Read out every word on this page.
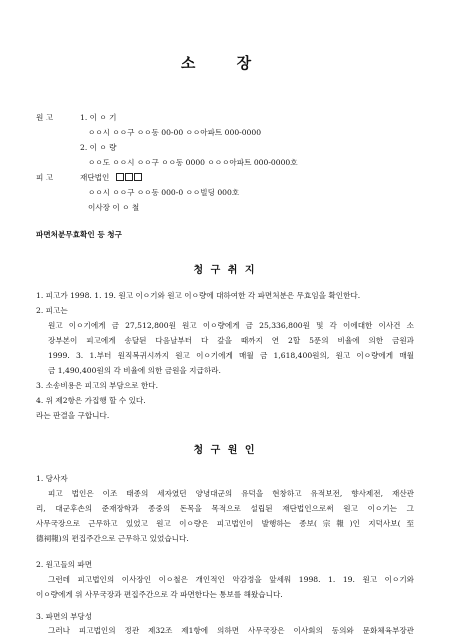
소 장
원 고	1. 이 ㅇ 기
ㅇㅇ시 ㅇㅇ구 ㅇㅇ동 00-00 ㅇㅇ아파트 000-0000
2. 이 ㅇ 량
ㅇㅇ도 ㅇㅇ시 ㅇㅇ구 ㅇㅇ동 0000 ㅇㅇㅇ아파트 000-0000호
피 고	재단법인
ㅇㅇ시 ㅇㅇ구 ㅇㅇ동 000-0 ㅇㅇ빌딩 000호
이사장 이 ㅇ 철
파면처분무효확인 등 청구
청 구 취 지
1. 피고가 1998. 1. 19. 원고 이ㅇ기와 원고 이ㅇ량에 대하여한 각 파면처분은 무효임을 확인한다.
2. 피고는
원고 이ㅇ기에게 금 27,512,800원 원고 이ㅇ량에게 금 25,336,800원 및 각 이에대한 이사건 소
장부본이 피고에게 송달된 다음날부터 다 갚을 때까지 연 2할 5푼의 비율에 의한 금원과
1999. 3. 1.부터 원직복귀시까지 원고 이ㅇ기에게 매월 금 1,618,400원의, 원고 이ㅇ량에게 매월
금 1,490,400원의 각 비율에 의한 금원을 지급하라.
3. 소송비용은 피고의 부담으로 한다.
4. 위 제2항은 가집행 할 수 있다.
라는 판결을 구합니다.
청 구 원 인
1. 당사자
피고 법인은 이조 태종의 세자였던 양녕대군의 유덕을 현창하고 유적보전, 향사제전, 재산관
리, 대군후손의 준재장학과 종중의 돈목을 목적으로 설립된 재단법인으로써 원고 이ㅇ기는 그
사무국장으로 근무하고 있었고 원고 이ㅇ량은 피고법인이 발행하는 종보(宗報)인 지덕사보(至
德祠報)의 편집주간으로 근무하고 있었습니다.
2. 원고들의 파면
그런데 피고법인의 이사장인 이ㅇ철은 개인적인 악감정을 앞세워 1998. 1. 19. 원고 이ㅇ기와
이ㅇ량에게 위 사무국장과 편집주간으로 각 파면한다는 통보를 해왔습니다.
3. 파면의 부당성
그러나 피고법인의 정관 제32조 제1항에 의하면 사무국장은 이사회의 동의와 문화체육부장관
